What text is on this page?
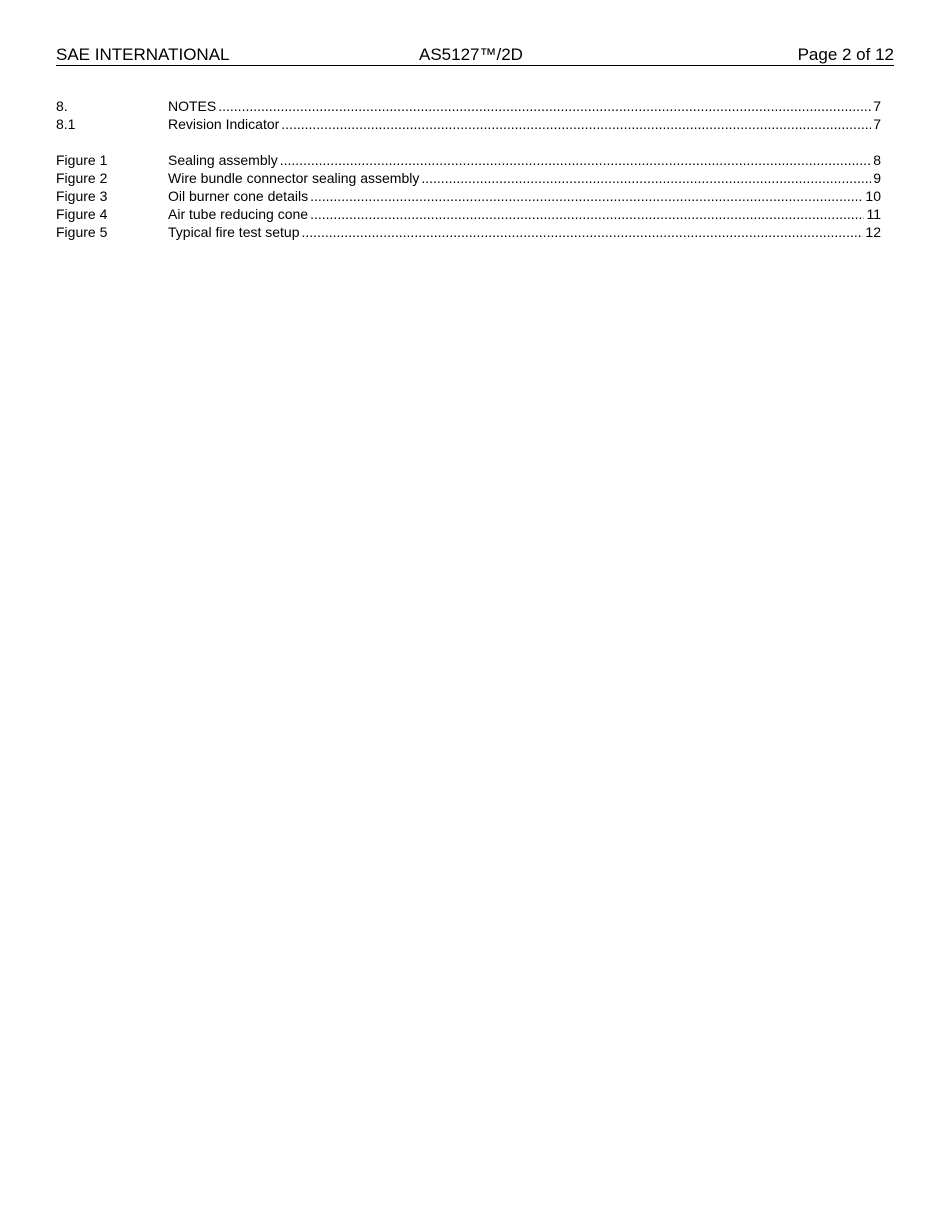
SAE INTERNATIONAL	AS5127™/2D	Page 2 of 12
8.	NOTES .....	7
8.1	Revision Indicator .....	7
Figure 1	Sealing assembly .....	8
Figure 2	Wire bundle connector sealing assembly .....	9
Figure 3	Oil burner cone details .....	10
Figure 4	Air tube reducing cone .....	11
Figure 5	Typical fire test setup .....	12
